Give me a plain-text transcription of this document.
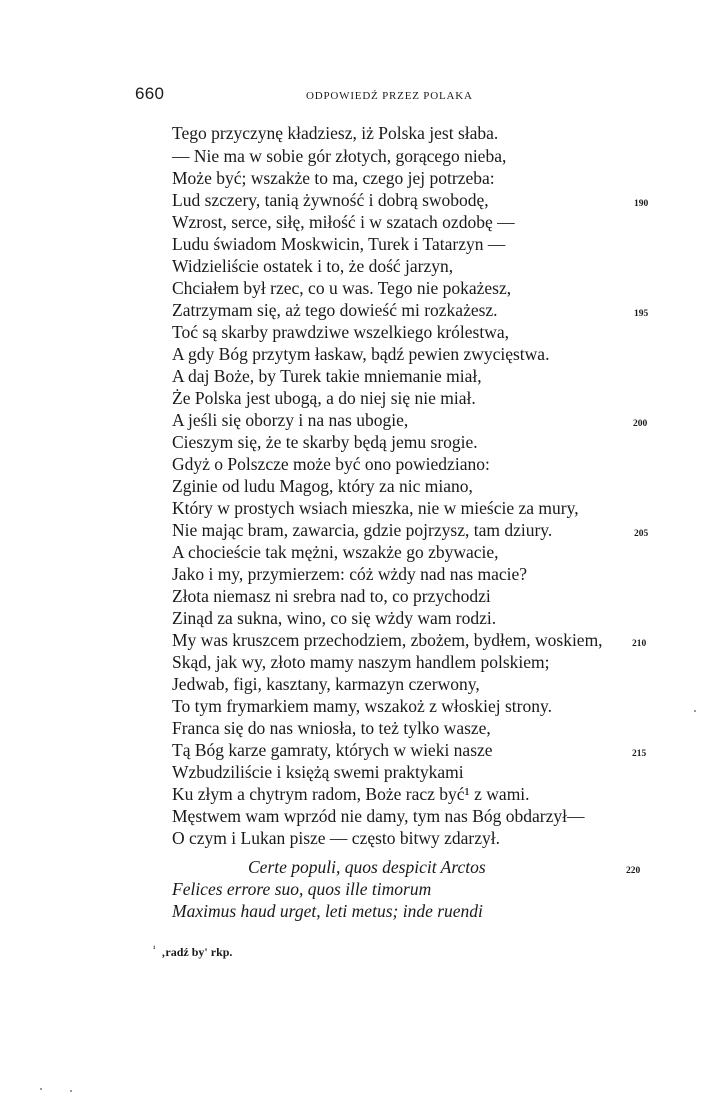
660	ODPOWIEDŹ PRZEZ POLAKA
Tego przyczynę kładziesz, iż Polska jest słaba.
— Nie ma w sobie gór złotych, gorącego nieba,
Może być; wszakże to ma, czego jej potrzeba:
Lud szczery, tanią żywność i dobrą swobodę,
Wzrost, serce, siłę, miłość i w szatach ozdobę —
Ludu świadom Moskwicin, Turek i Tatarzyn —
Widzieliście ostatek i to, że dość jarzyn,
Chciałem był rzec, co u was. Tego nie pokażesz,
Zatrzymam się, aż tego dowieść mi rozkażesz.
Toć są skarby prawdziwe wszelkiego królestwa,
A gdy Bóg przytym łaskaw, bądź pewien zwycięstwa.
A daj Boże, by Turek takie mniemanie miał,
Że Polska jest ubogą, a do niej się nie miał.
A jeśli się oborzy i na nas ubogie,
Cieszym się, że te skarby będą jemu srogie.
Gdyż o Polszcze może być ono powiedziano:
Zginie od ludu Magog, który za nic miano,
Który w prostych wsiach mieszka, nie w mieście za mury,
Nie mając bram, zawarcia, gdzie pojrzysz, tam dziury.
A chocieście tak mężni, wszakże go zbywacie,
Jako i my, przymierzem: cóż wżdy nad nas macie?
Złota niemasz ni srebra nad to, co przychodzi
Zinąd za sukna, wino, co się wżdy wam rodzi.
My was kruszcem przechodziem, zbożem, bydłem, woskiem,
Skąd, jak wy, złoto mamy naszym handlem polskiem;
Jedwab, figi, kasztany, karmazyn czerwony,
To tym frymarkiem mamy, wszakoż z włoskiej strony.
Franca się do nas wniosła, to też tylko wasze,
Tą Bóg karze gamraty, których w wieki nasze
Wzbudziliście i księżą swemi praktykami
Ku złym a chytrym radom, Boże racz być¹ z wami.
Męstwem wam wprzód nie damy, tym nas Bóg obdarzył—
O czym i Lukan pisze — często bitwy zdarzył.
Certe populi, quos despicit Arctos
Felices errore suo, quos ille timorum
Maximus haud urget, leti metus; inde ruendi
190
195
200
205
210
215
220
$^{^1}$ ‚radź by' rkp.
